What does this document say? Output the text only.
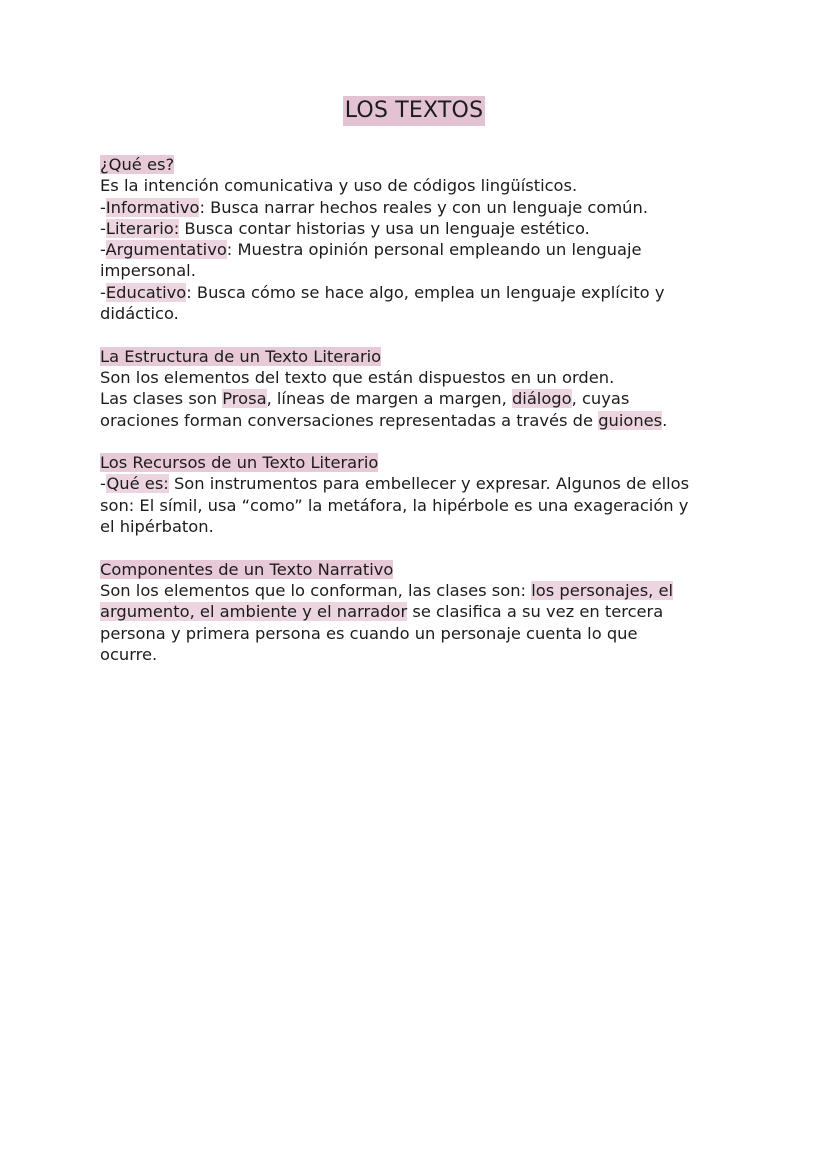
LOS TEXTOS
¿Qué es?
Es la intención comunicativa y uso de códigos lingüísticos.
-Informativo: Busca narrar hechos reales y con un lenguaje común.
-Literario: Busca contar historias y usa un lenguaje estético.
-Argumentativo: Muestra opinión personal empleando un lenguaje
impersonal.
-Educativo: Busca cómo se hace algo, emplea un lenguaje explícito y
didáctico.
La Estructura de un Texto Literario
Son los elementos del texto que están dispuestos en un orden.
Las clases son Prosa, líneas de margen a margen, diálogo, cuyas
oraciones forman conversaciones representadas a través de guiones.
Los Recursos de un Texto Literario
-Qué es: Son instrumentos para embellecer y expresar. Algunos de ellos
son: El símil, usa “como” la metáfora, la hipérbole es una exageración y
el hipérbaton.
Componentes de un Texto Narrativo
Son los elementos que lo conforman, las clases son: los personajes, el
argumento, el ambiente y el narrador se clasifica a su vez en tercera
persona y primera persona es cuando un personaje cuenta lo que
ocurre.
